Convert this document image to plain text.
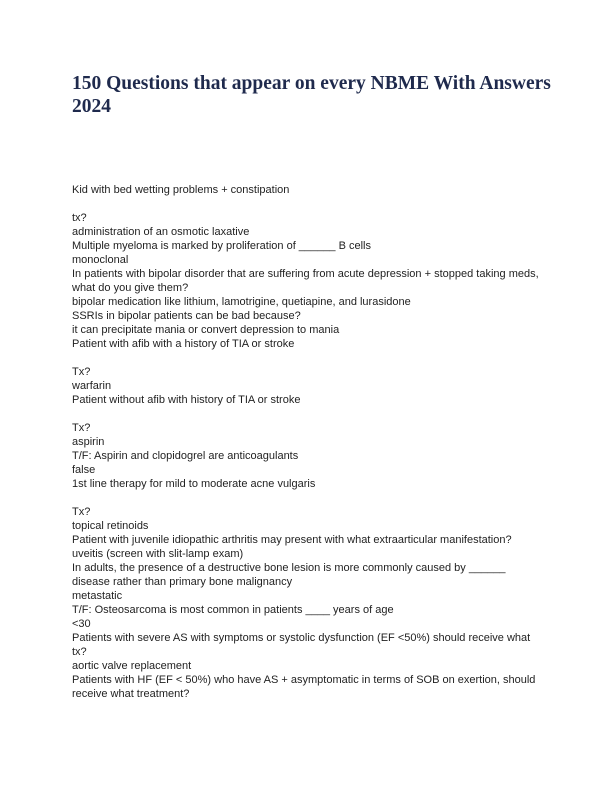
150 Questions that appear on every NBME With Answers 2024
Kid with bed wetting problems + constipation
tx?
administration of an osmotic laxative
Multiple myeloma is marked by proliferation of ______ B cells
monoclonal
In patients with bipolar disorder that are suffering from acute depression + stopped taking meds, what do you give them?
bipolar medication like lithium, lamotrigine, quetiapine, and lurasidone
SSRIs in bipolar patients can be bad because?
it can precipitate mania or convert depression to mania
Patient with afib with a history of TIA or stroke
Tx?
warfarin
Patient without afib with history of TIA or stroke
Tx?
aspirin
T/F: Aspirin and clopidogrel are anticoagulants
false
1st line therapy for mild to moderate acne vulgaris
Tx?
topical retinoids
Patient with juvenile idiopathic arthritis may present with what extraarticular manifestation?
uveitis (screen with slit-lamp exam)
In adults, the presence of a destructive bone lesion is more commonly caused by ______ disease rather than primary bone malignancy
metastatic
T/F: Osteosarcoma is most common in patients ____ years of age
<30
Patients with severe AS with symptoms or systolic dysfunction (EF <50%) should receive what tx?
aortic valve replacement
Patients with HF (EF < 50%) who have AS + asymptomatic in terms of SOB on exertion, should receive what treatment?
